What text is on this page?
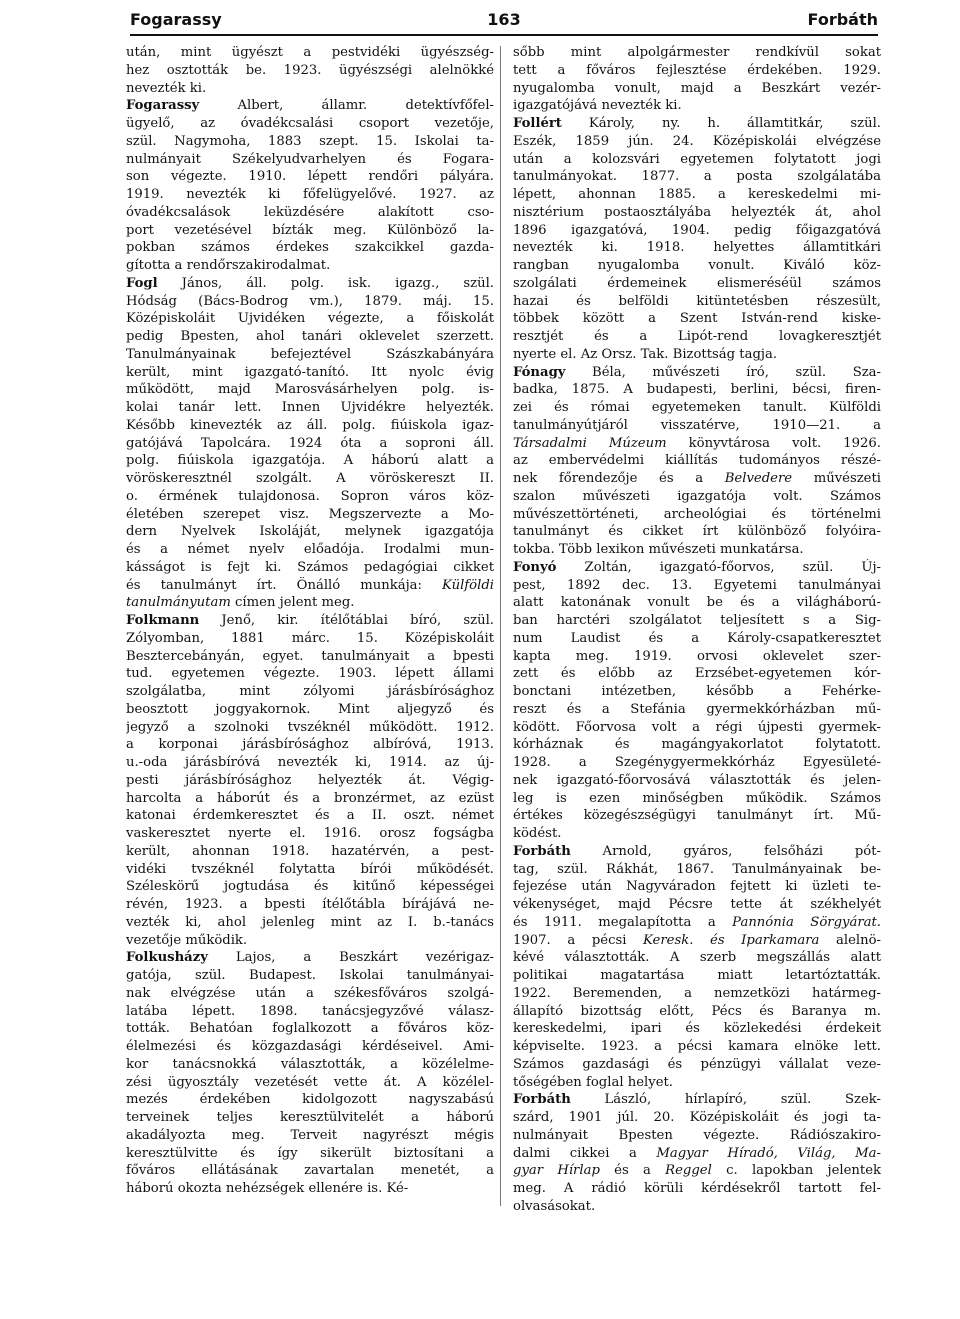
Fogarassy	163	Forbáth
után, mint ügyészt a pestvidéki ügyészség-
hez osztották be. 1923. ügyészségi alelnökké
nevezték ki.
Fogarassy Albert, államr. detektívfőfel-
ügyelő, az óvadékcsalási csoport vezetője,
szül. Nagymoha, 1883 szept. 15. Iskolai ta-
nulmányait Székelyudvarhelyen és Fogara-
son végezte. 1910. lépett rendőri pályára.
1919. nevezték ki főfelügyelővé. 1927. az
óvadékcsalások leküzdésére alakított cso-
port vezetésével bízták meg. Különböző la-
pokban számos érdekes szakcikkel gazda-
gította a rendőrszakirodalmat.
Fogl János, áll. polg. isk. igazg., szül.
Hódság (Bács-Bodrog vm.), 1879. máj. 15.
Középiskoláit Ujvidéken végezte, a főiskolát
pedig Bpesten, ahol tanári oklevelet szerzett.
Tanulmányainak befejeztével Szászkabányára
került, mint igazgató-tanító. Itt nyolc évig
működött, majd Marosvásárhelyen polg. is-
kolai tanár lett. Innen Ujvidékre helyezték.
Később kinevezték az áll. polg. fiúiskola igaz-
gatójává Tapolcára. 1924 óta a soproni áll.
polg. fiúiskola igazgatója. A háború alatt a
vöröskeresztnél szolgált. A vöröskereszt II.
o. érmének tulajdonosa. Sopron város köz-
életében szerepet visz. Megszervezte a Mo-
dern Nyelvek Iskoláját, melynek igazgatója
és a német nyelv előadója. Irodalmi mun-
kásságot is fejt ki. Számos pedagógiai cikket
és tanulmányt írt. Önálló munkája: Külföldi
tanulmányutam címen jelent meg.
Folkmann Jenő, kir. ítélőtáblai bíró, szül.
Zólyomban, 1881 márc. 15. Középiskoláit
Besztercebányán, egyet. tanulmányait a bpesti
tud. egyetemen végezte. 1903. lépett állami
szolgálatba, mint zólyomi járásbírósághoz
beosztott joggyakornok. Mint aljegyző és
jegyző a szolnoki tvszéknél működött. 1912.
a korponai járásbírósághoz albíróvá, 1913.
u.-oda járásbíróvá nevezték ki, 1914. az új-
pesti járásbírósághoz helyezték át. Végig-
harcolta a háborút és a bronzérmet, az ezüst
katonai érdemkeresztet és a II. oszt. német
vaskeresztet nyerte el. 1916. orosz fogságba
került, ahonnan 1918. hazatérvén, a pest-
vidéki tvszéknél folytatta bírói működését.
Széleskörű jogtudása és kitűnő képességei
révén, 1923. a bpesti ítélőtábla bírájává ne-
vezték ki, ahol jelenleg mint az I. b.-tanács
vezetője működik.
Folkusházy Lajos, a Beszkárt vezérigaz-
gatója, szül. Budapest. Iskolai tanulmányai-
nak elvégzése után a székesfőváros szolgá-
latába lépett. 1898. tanácsjegyzővé válasz-
tották. Behatóan foglalkozott a főváros köz-
élelmezési és közgazdasági kérdéseivel. Ami-
kor tanácsnokká választották, a közélelme-
zési ügyosztály vezetését vette át. A közélel-
mezés érdekében kidolgozott nagyszabású
terveinek teljes keresztülvitelét a háború
akadályozta meg. Terveit nagyrészt mégis
keresztülvitte és így sikerült biztosítani a
főváros ellátásának zavartalan menetét, a
háború okozta nehézségek ellenére is. Ké-
sőbb mint alpolgármester rendkívül sokat
tett a főváros fejlesztése érdekében. 1929.
nyugalomba vonult, majd a Beszkárt vezér-
igazgatójává nevezték ki.
Follért Károly, ny. h. államtitkár, szül.
Eszék, 1859 jún. 24. Középiskolái elvégzése
után a kolozsvári egyetemen folytatott jogi
tanulmányokat. 1877. a posta szolgálatába
lépett, ahonnan 1885. a kereskedelmi mi-
nisztérium postaosztályába helyezték át, ahol
1896 igazgatóvá, 1904. pedig főigazgatóvá
nevezték ki. 1918. helyettes államtitkári
rangban nyugalomba vonult. Kiváló köz-
szolgálati érdemeinek elismeréséül számos
hazai és belföldi kitüntetésben részesült,
többek között a Szent István-rend kiske-
resztjét és a Lipót-rend lovagkeresztjét
nyerte el. Az Orsz. Tak. Bizottság tagja.
Fónagy Béla, művészeti író, szül. Sza-
badka, 1875. A budapesti, berlini, bécsi, firen-
zei és római egyetemeken tanult. Külföldi
tanulmányútjáról visszatérve, 1910—21. a
Társadalmi Múzeum könyvtárosa volt. 1926.
az embervédelmi kiállítás tudományos részé-
nek főrendezője és a Belvedere művészeti
szalon művészeti igazgatója volt. Számos
művészettörténeti, archeológiai és történelmi
tanulmányt és cikket írt különböző folyóira-
tokba. Több lexikon művészeti munkatársa.
Fonyó Zoltán, igazgató-főorvos, szül. Új-
pest, 1892 dec. 13. Egyetemi tanulmányai
alatt katonának vonult be és a világháború-
ban harctéri szolgálatot teljesített s a Sig-
num Laudist és a Károly-csapatkeresztet
kapta meg. 1919. orvosi oklevelet szer-
zett és előbb az Erzsébet-egyetemen kór-
bonctani intézetben, később a Fehérke-
reszt és a Stefánia gyermekkórházban mű-
ködött. Főorvosa volt a régi újpesti gyermek-
kórháznak és magángyakorlatot folytatott.
1928. a Szegénygyermekkórház Egyesületé-
nek igazgató-főorvosává választották és jelen-
leg is ezen minőségben működik. Számos
értékes közegészségügyi tanulmányt írt. Mű-
ködést.
Forbáth Arnold, gyáros, felsőházi pót-
tag, szül. Rákhát, 1867. Tanulmányainak be-
fejezése után Nagyváradon fejtett ki üzleti te-
vékenységet, majd Pécsre tette át székhelyét
és 1911. megalapította a Pannónia Sörgyárat.
1907. a pécsi Keresk. és Iparkamara alelnö-
kévé választották. A szerb megszállás alatt
politikai magatartása miatt letartóztatták.
1922. Beremenden, a nemzetközi határmeg-
állapító bizottság előtt, Pécs és Baranya m.
kereskedelmi, ipari és közlekedési érdekeit
képviselte. 1923. a pécsi kamara elnöke lett.
Számos gazdasági és pénzügyi vállalat veze-
tőségében foglal helyet.
Forbáth László, hírlapíró, szül. Szek-
szárd, 1901 júl. 20. Középiskoláit és jogi ta-
nulmányait Bpesten végezte. Rádiószakiro-
dalmi cikkei a Magyar Híradó, Világ, Ma-
gyar Hírlap és a Reggel c. lapokban jelentek
meg. A rádió körüli kérdésekről tartott fel-
olvasásokat.
